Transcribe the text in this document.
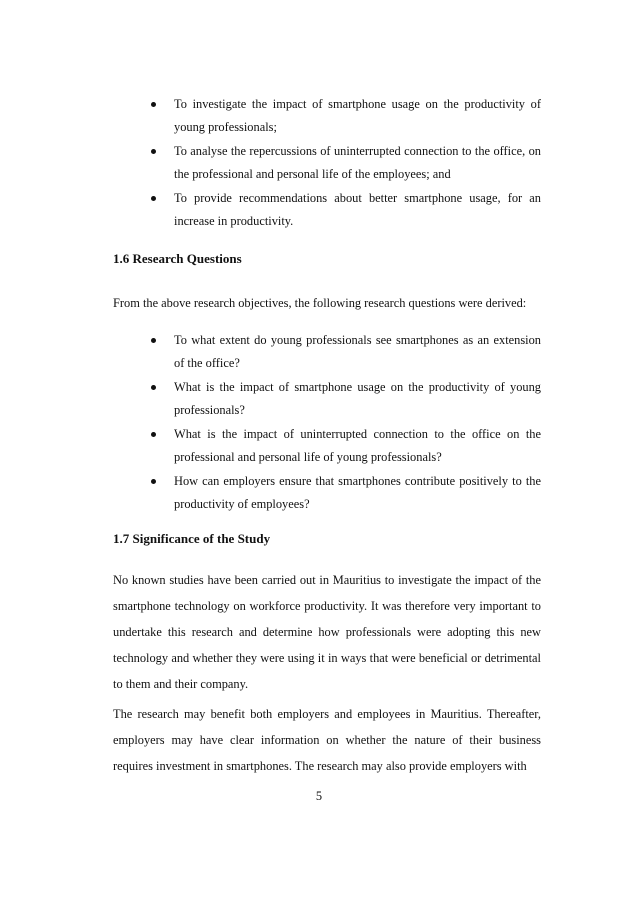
To investigate the impact of smartphone usage on the productivity of young professionals;
To analyse the repercussions of uninterrupted connection to the office, on the professional and personal life of the employees; and
To provide recommendations about better smartphone usage, for an increase in productivity.
1.6 Research Questions

From the above research objectives, the following research questions were derived:

To what extent do young professionals see smartphones as an extension of the office?
What is the impact of smartphone usage on the productivity of young professionals?
What is the impact of uninterrupted connection to the office on the professional and personal life of young professionals?
How can employers ensure that smartphones contribute positively to the productivity of employees?
1.7 Significance of the Study

No known studies have been carried out in Mauritius to investigate the impact of the smartphone technology on workforce productivity. It was therefore very important to undertake this research and determine how professionals were adopting this new technology and whether they were using it in ways that were beneficial or detrimental to them and their company.

The research may benefit both employers and employees in Mauritius. Thereafter, employers may have clear information on whether the nature of their business requires investment in smartphones. The research may also provide employers with

5
